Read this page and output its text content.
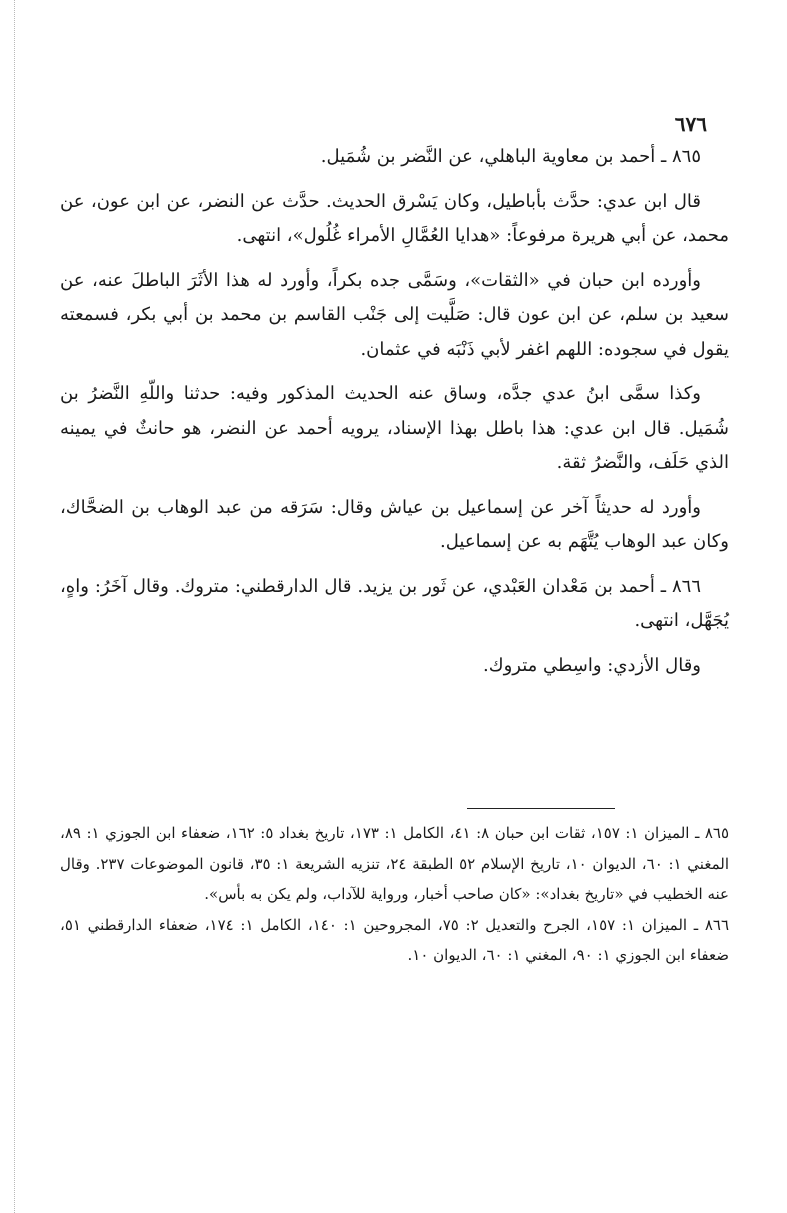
٦٧٦

٨٦٥ ـ أحمد بن معاوية الباهلي، عن النَّضر بن شُمَيل.

قال ابن عدي: حدَّث بأباطيل، وكان يَسْرق الحديث. حدَّث عن النضر، عن ابن عون، عن محمد، عن أبي هريرة مرفوعاً: «هدايا العُمَّالِ الأمراء غُلُول»، انتهى.

وأورده ابن حبان في «الثقات»، وسَمَّى جده بكراً، وأورد له هذا الأثَرَ الباطلَ عنه، عن سعيد بن سلم، عن ابن عون قال: صَلَّيت إلى جَنْب القاسم بن محمد بن أبي بكر، فسمعته يقول في سجوده: اللهم اغفر لأبي ذَنْبَه في عثمان.

وكذا سمَّى ابنُ عدي جدَّه، وساق عنه الحديث المذكور وفيه: حدثنا واللّهِ النَّضرُ بن شُمَيل. قال ابن عدي: هذا باطل بهذا الإسناد، يرويه أحمد عن النضر، هو حانثٌ في يمينه الذي حَلَف، والنَّضرُ ثقة.

وأورد له حديثاً آخر عن إسماعيل بن عياش وقال: سَرَقه من عبد الوهاب بن الضحَّاك، وكان عبد الوهاب يُتَّهَم به عن إسماعيل.

٨٦٦ ـ أحمد بن مَعْدان العَبْدي، عن ثَور بن يزيد. قال الدارقطني: متروك. وقال آخَرُ: واهٍ، يُجَهَّل، انتهى.

وقال الأزدي: واسِطي متروك.

٨٦٥ ـ الميزان ١: ١٥٧، ثقات ابن حبان ٨: ٤١، الكامل ١: ١٧٣، تاريخ بغداد ٥: ١٦٢، ضعفاء ابن الجوزي ١: ٨٩، المغني ١: ٦٠، الديوان ١٠، تاريخ الإسلام ٥٢ الطبقة ٢٤، تنزيه الشريعة ١: ٣٥، قانون الموضوعات ٢٣٧. وقال عنه الخطيب في «تاريخ بغداد»: «كان صاحب أخبار، ورواية للآداب، ولم يكن به بأس».

٨٦٦ ـ الميزان ١: ١٥٧، الجرح والتعديل ٢: ٧٥، المجروحين ١: ١٤٠، الكامل ١: ١٧٤، ضعفاء الدارقطني ٥١، ضعفاء ابن الجوزي ١: ٩٠، المغني ١: ٦٠، الديوان ١٠.
